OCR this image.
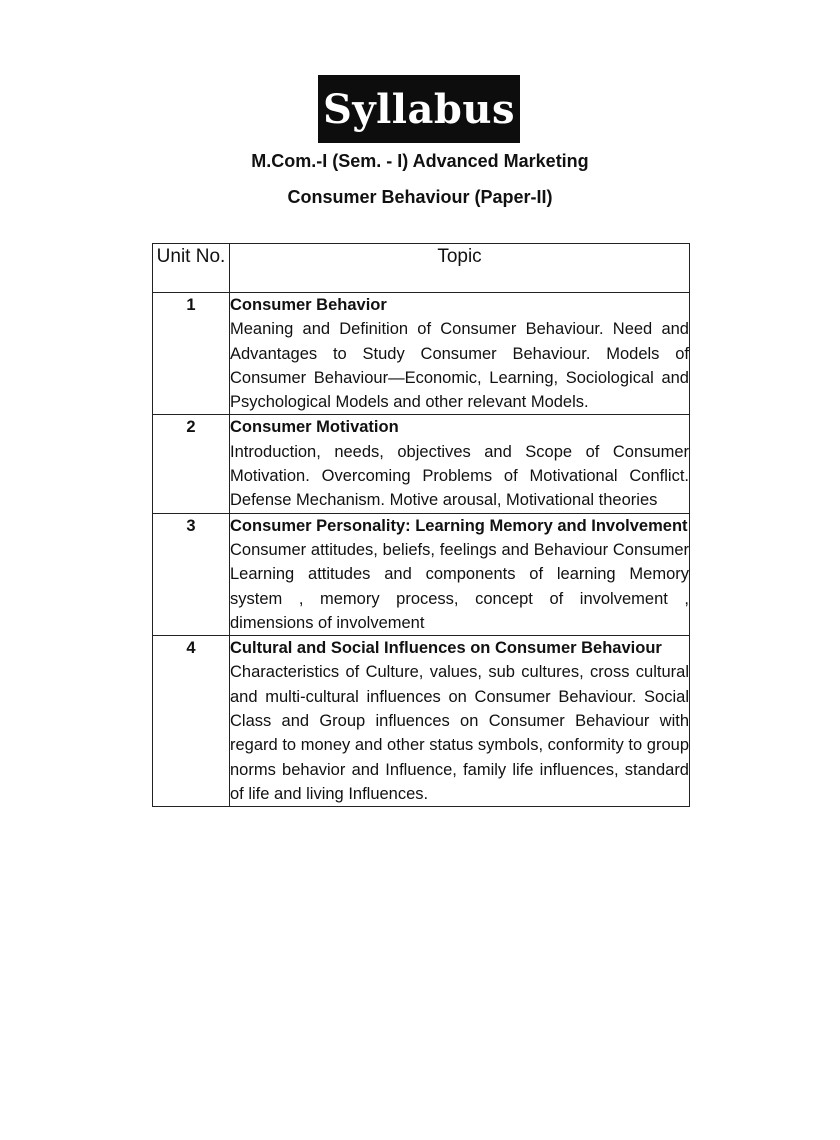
Syllabus
M.Com.-I (Sem. - I) Advanced Marketing
Consumer Behaviour (Paper-II)
Unit No.	Topic
1	Consumer Behavior
Meaning and Definition of Consumer Behaviour. Need and Advantages to Study Consumer Behaviour. Models of Consumer Behaviour—Economic, Learning, Sociological and Psychological Models and other relevant Models.

2	Consumer Motivation
Introduction, needs, objectives and Scope of Consumer Motivation. Overcoming Problems of Motivational Conflict. Defense Mechanism. Motive arousal, Motivational theories

3	Consumer Personality: Learning Memory and Involvement
Consumer attitudes, beliefs, feelings and Behaviour Consumer Learning attitudes and components of learning Memory system , memory process, concept of involvement , dimensions of involvement

4	Cultural and Social Influences on Consumer Behaviour
Characteristics of Culture, values, sub cultures, cross cultural and multi-cultural influences on Consumer Behaviour. Social Class and Group influences on Consumer Behaviour with regard to money and other status symbols, conformity to group norms behavior and Influence, family life influences, standard of life and living Influences.
